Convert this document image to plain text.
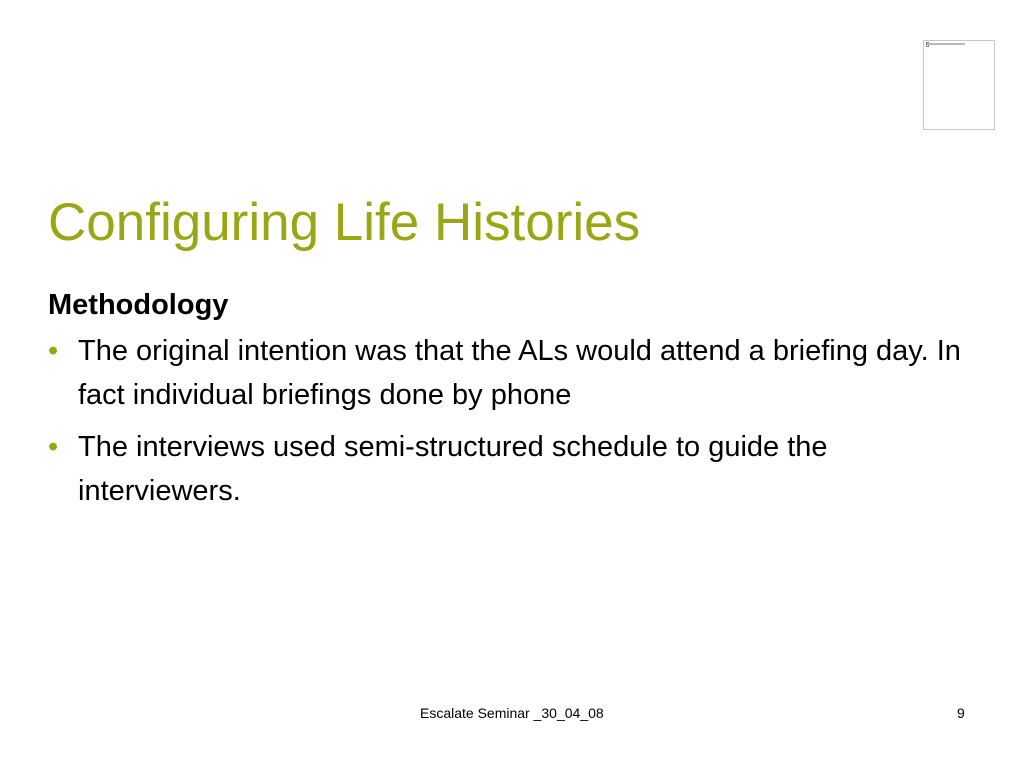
Configuring Life Histories
Methodology
• The original intention was that the ALs would attend a briefing day. In fact individual briefings done by phone
• The interviews used semi-structured schedule to guide the interviewers.
Escalate Seminar _30_04_08	9
